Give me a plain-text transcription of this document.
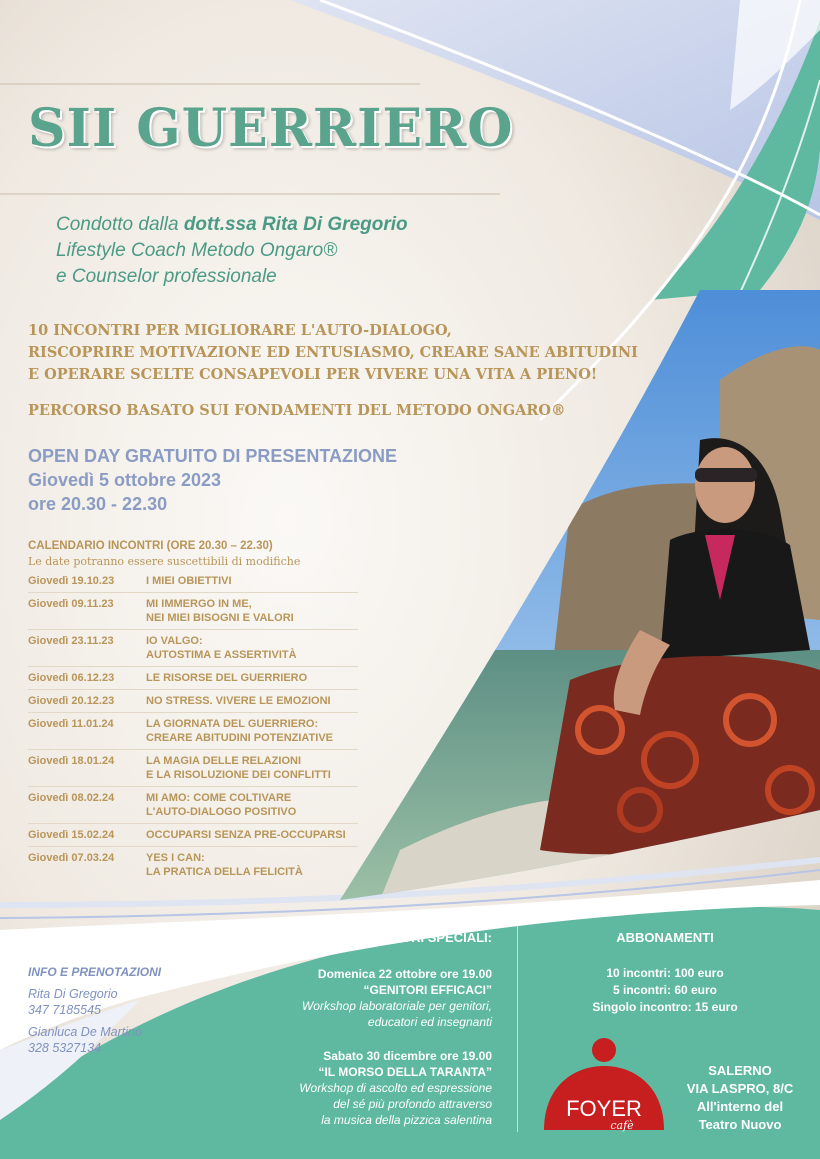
SII GUERRIERO
Condotto dalla dott.ssa Rita Di Gregorio
Lifestyle Coach Metodo Ongaro®
e Counselor professionale
10 INCONTRI PER MIGLIORARE L'AUTO-DIALOGO,
RISCOPRIRE MOTIVAZIONE ED ENTUSIASMO, CREARE SANE ABITUDINI
E OPERARE SCELTE CONSAPEVOLI PER VIVERE UNA VITA A PIENO!
PERCORSO BASATO SUI FONDAMENTI DEL METODO ONGARO®
OPEN DAY GRATUITO DI PRESENTAZIONE
Giovedì 5 ottobre 2023
ore 20.30 - 22.30
CALENDARIO INCONTRI (ORE 20.30 – 22.30)
Le date potranno essere suscettibili di modifiche
Giovedì 19.10.23	I MIEI OBIETTIVI
Giovedì 09.11.23	MI IMMERGO IN ME,
NEI MIEI BISOGNI E VALORI
Giovedì 23.11.23	IO VALGO:
AUTOSTIMA E ASSERTIVITÀ
Giovedì 06.12.23	LE RISORSE DEL GUERRIERO
Giovedì 20.12.23	NO STRESS. VIVERE LE EMOZIONI
Giovedì 11.01.24	LA GIORNATA DEL GUERRIERO:
CREARE ABITUDINI POTENZIATIVE
Giovedì 18.01.24	LA MAGIA DELLE RELAZIONI
E LA RISOLUZIONE DEI CONFLITTI
Giovedì 08.02.24	MI AMO: COME COLTIVARE
L'AUTO-DIALOGO POSITIVO
Giovedì 15.02.24	OCCUPARSI SENZA PRE-OCCUPARSI
Giovedì 07.03.24	YES I CAN:
LA PRATICA DELLA FELICITÀ
INFO E PRENOTAZIONI
Rita Di Gregorio
347 7185545
Gianluca De Martino
328 5327134
INCONTRI SPECIALI:
Domenica 22 ottobre ore 19.00
“GENITORI EFFICACI”
Workshop laboratoriale per genitori,
educatori ed insegnanti
Sabato 30 dicembre ore 19.00
“IL MORSO DELLA TARANTA”
Workshop di ascolto ed espressione
del sé più profondo attraverso
la musica della pizzica salentina
ABBONAMENTI
10 incontri: 100 euro
5 incontri: 60 euro
Singolo incontro: 15 euro
FOYER
cafè
SALERNO
VIA LASPRO, 8/C
All'interno del
Teatro Nuovo
